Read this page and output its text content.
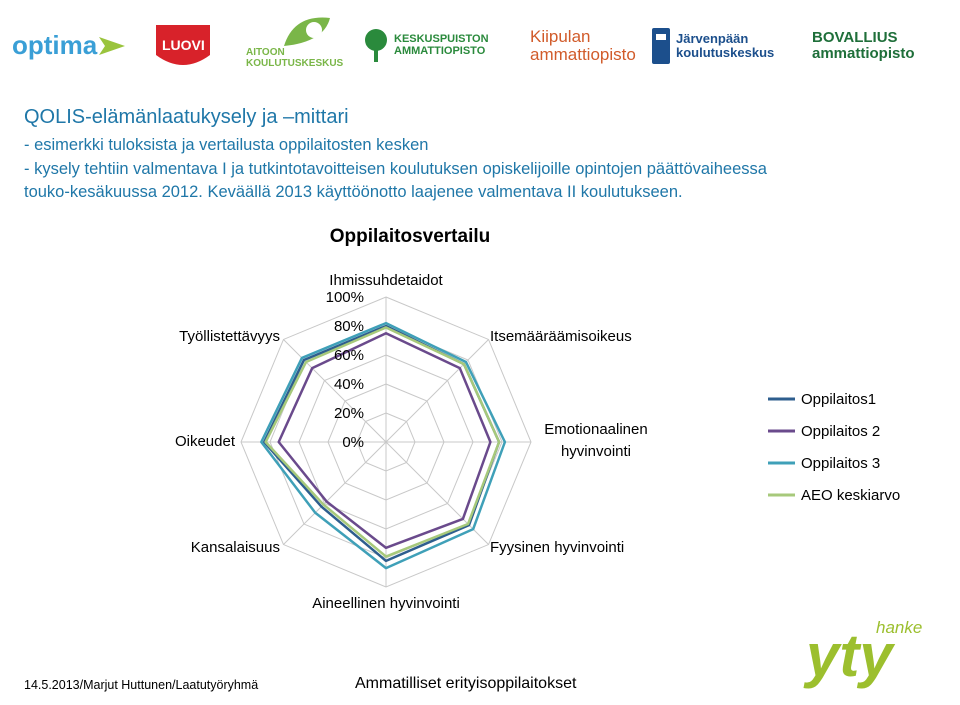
optima	LUOVI	AITOON KOULUTUSKESKUS
KESKUSPUISTON AMMATTIOPISTO
Kiipulan ammattiopisto
Järvenpään koulutuskeskus
BOVALLIUS ammattiopisto
QOLIS-elämänlaatukysely ja –mittari
- esimerkki tuloksista ja vertailusta oppilaitosten kesken
- kysely tehtiin valmentava I ja tutkintotavoitteisen koulutuksen opiskelijoille opintojen päättövaiheessa
touko-kesäkuussa 2012. Keväällä 2013 käyttöönotto laajenee valmentava II koulutukseen.
Oppilaitosvertailu
0%
20%
40%
60%
80%
100%
Ihmissuhdetaidot
Itsemääräämisoikeus
Emotionaalinen hyvinvointi
Fyysinen hyvinvointi
Aineellinen hyvinvointi
Kansalaisuus
Oikeudet
Työllistettävyys
Oppilaitos1
Oppilaitos 2
Oppilaitos 3
AEO keskiarvo
14.5.2013/Marjut Huttunen/Laatutyöryhmä	Ammatilliset erityisoppilaitokset
hanke
yty
